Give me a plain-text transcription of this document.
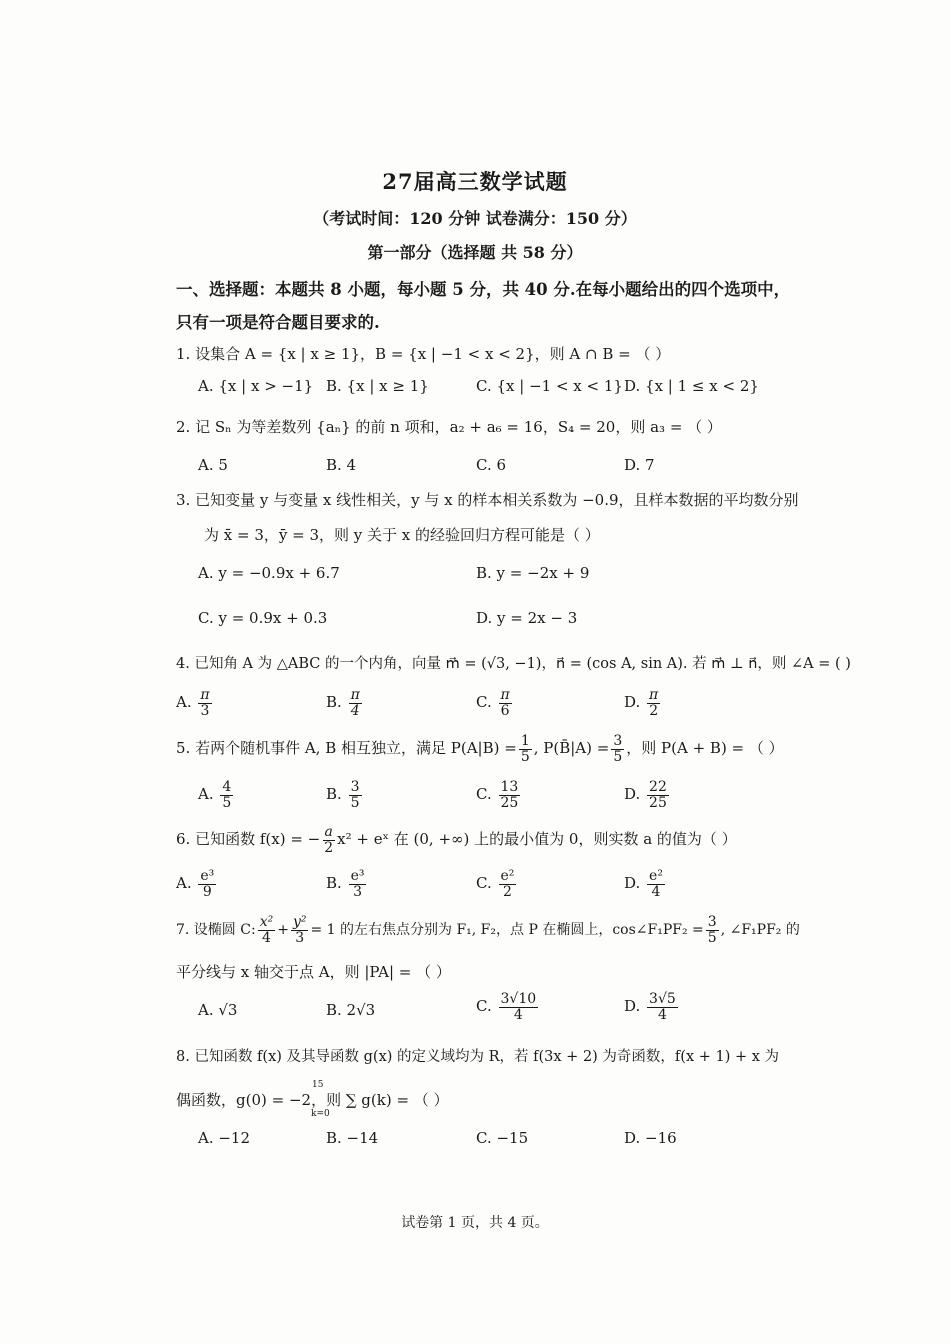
27届高三数学试题
（考试时间：120 分钟 试卷满分：150 分）
第一部分（选择题 共 58 分）
一、选择题：本题共 8 小题，每小题 5 分，共 40 分.在每小题给出的四个选项中，
只有一项是符合题目要求的.
1. 设集合 A = {x | x ≥ 1}，B = {x | −1 < x < 2}，则 A ∩ B = （ ）
A. {x | x > −1} B. {x | x ≥ 1}	C. {x | −1 < x < 1} D. {x | 1 ≤ x < 2}
2. 记 Sₙ 为等差数列 {aₙ} 的前 n 项和，a₂ + a₆ = 16，S₄ = 20，则 a₃ = （ ）
A. 5	B. 4	C. 6	D. 7
3. 已知变量 y 与变量 x 线性相关，y 与 x 的样本相关系数为 −0.9，且样本数据的平均数分别
为 x̄ = 3，ȳ = 3，则 y 关于 x 的经验回归方程可能是（ ）
A. y = −0.9x + 6.7	B. y = −2x + 9
C. y = 0.9x + 0.3	D. y = 2x − 3
4. 已知角 A 为 △ABC 的一个内角，向量 m⃗ = (√3, −1)，n⃗ = (cos A, sin A). 若 m⃗ ⊥ n⃗，则 ∠A = ( )
A. $\frac{\pi}{3}$	B. $\frac{\pi}{4}$	C. $\frac{\pi}{6}$	D. $\frac{\pi}{2}$
5. 若两个随机事件 A, B 相互独立，满足 $P(A|B) = \frac{1}{5}$ , P(B̄|A) = $\frac{3}{5}$ ，则 P(A + B) = （ ）
A. $\frac{4}{5}$	B. $\frac{3}{5}$	C. $\frac{13}{25}$	D. $\frac{22}{25}$
6. 已知函数 f(x) = − $\frac{a}{2} x^2$ + eˣ 在 (0, +∞) 上的最小值为 0，则实数 a 的值为（ ）
A. $\frac{\text{e³}}{9}$	B. $\frac{\text{e³}}{3}$	C. $\frac{\text{e²}}{2}$	D. $\frac{\text{e²}}{4}$
7. 设椭圆 C: $\frac{\text{x²}}{4} + \frac{\text{y²}}{3} = 1$ 的左右焦点分别为 F₁, F₂，点 P 在椭圆上，cos∠F₁PF₂ = $\frac{3}{5}$ , ∠F₁PF₂ 的
平分线与 x 轴交于点 A，则 |PA| = （ ）
A. √3	B. 2√3	C. $\frac{3√10}{4}$	D. $\frac{3√5}{4}$
8. 已知函数 f(x) 及其导函数 g(x) 的定义域均为 R，若 f(3x + 2) 为奇函数，f(x + 1) + x 为
偶函数，g(0) = −2，则 ∑ g(k) = （ ）
15
k=0
A. −12	B. −14	C. −15	D. −16
试卷第 1 页，共 4 页。
